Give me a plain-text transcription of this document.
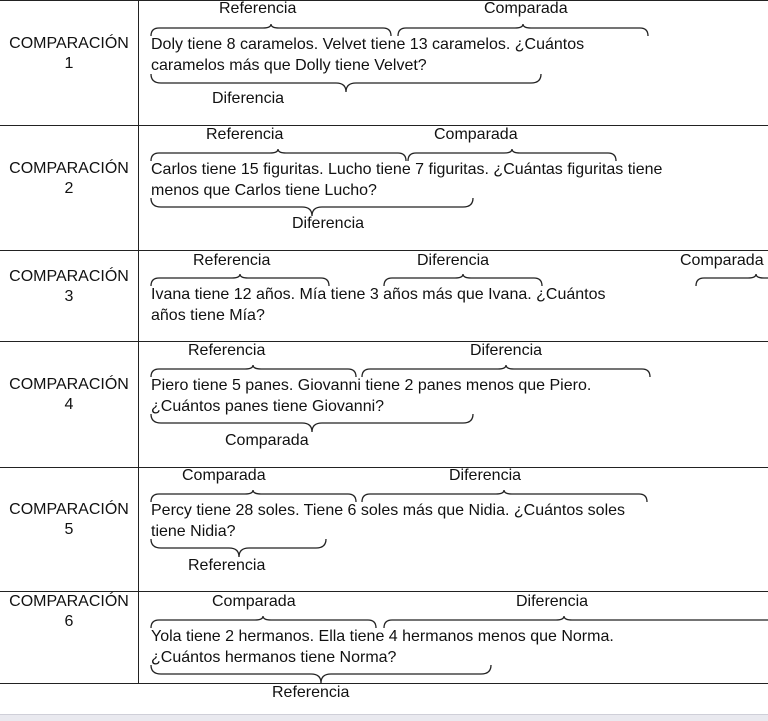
COMPARACIÓN
1
Referencia	Comparada
Doly tiene 8 caramelos. Velvet tiene 13 caramelos. ¿Cuántos
caramelos más que Dolly tiene Velvet?
Diferencia
COMPARACIÓN
2
Referencia	Comparada
Carlos tiene 15 figuritas. Lucho tiene 7 figuritas. ¿Cuántas figuritas tiene
menos que Carlos tiene Lucho?
Diferencia
COMPARACIÓN
3
Referencia	Diferencia	Comparada
Ivana tiene 12 años. Mía tiene 3 años más que Ivana. ¿Cuántos
años tiene Mía?
COMPARACIÓN
4
Referencia	Diferencia
Piero tiene 5 panes. Giovanni tiene 2 panes menos que Piero.
¿Cuántos panes tiene Giovanni?
Comparada
COMPARACIÓN
5
Comparada	Diferencia
Percy tiene 28 soles. Tiene 6 soles más que Nidia. ¿Cuántos soles
tiene Nidia?
Referencia
COMPARACIÓN
6
Comparada	Diferencia
Yola tiene 2 hermanos. Ella tiene 4 hermanos menos que Norma.
¿Cuántos hermanos tiene Norma?
Referencia
